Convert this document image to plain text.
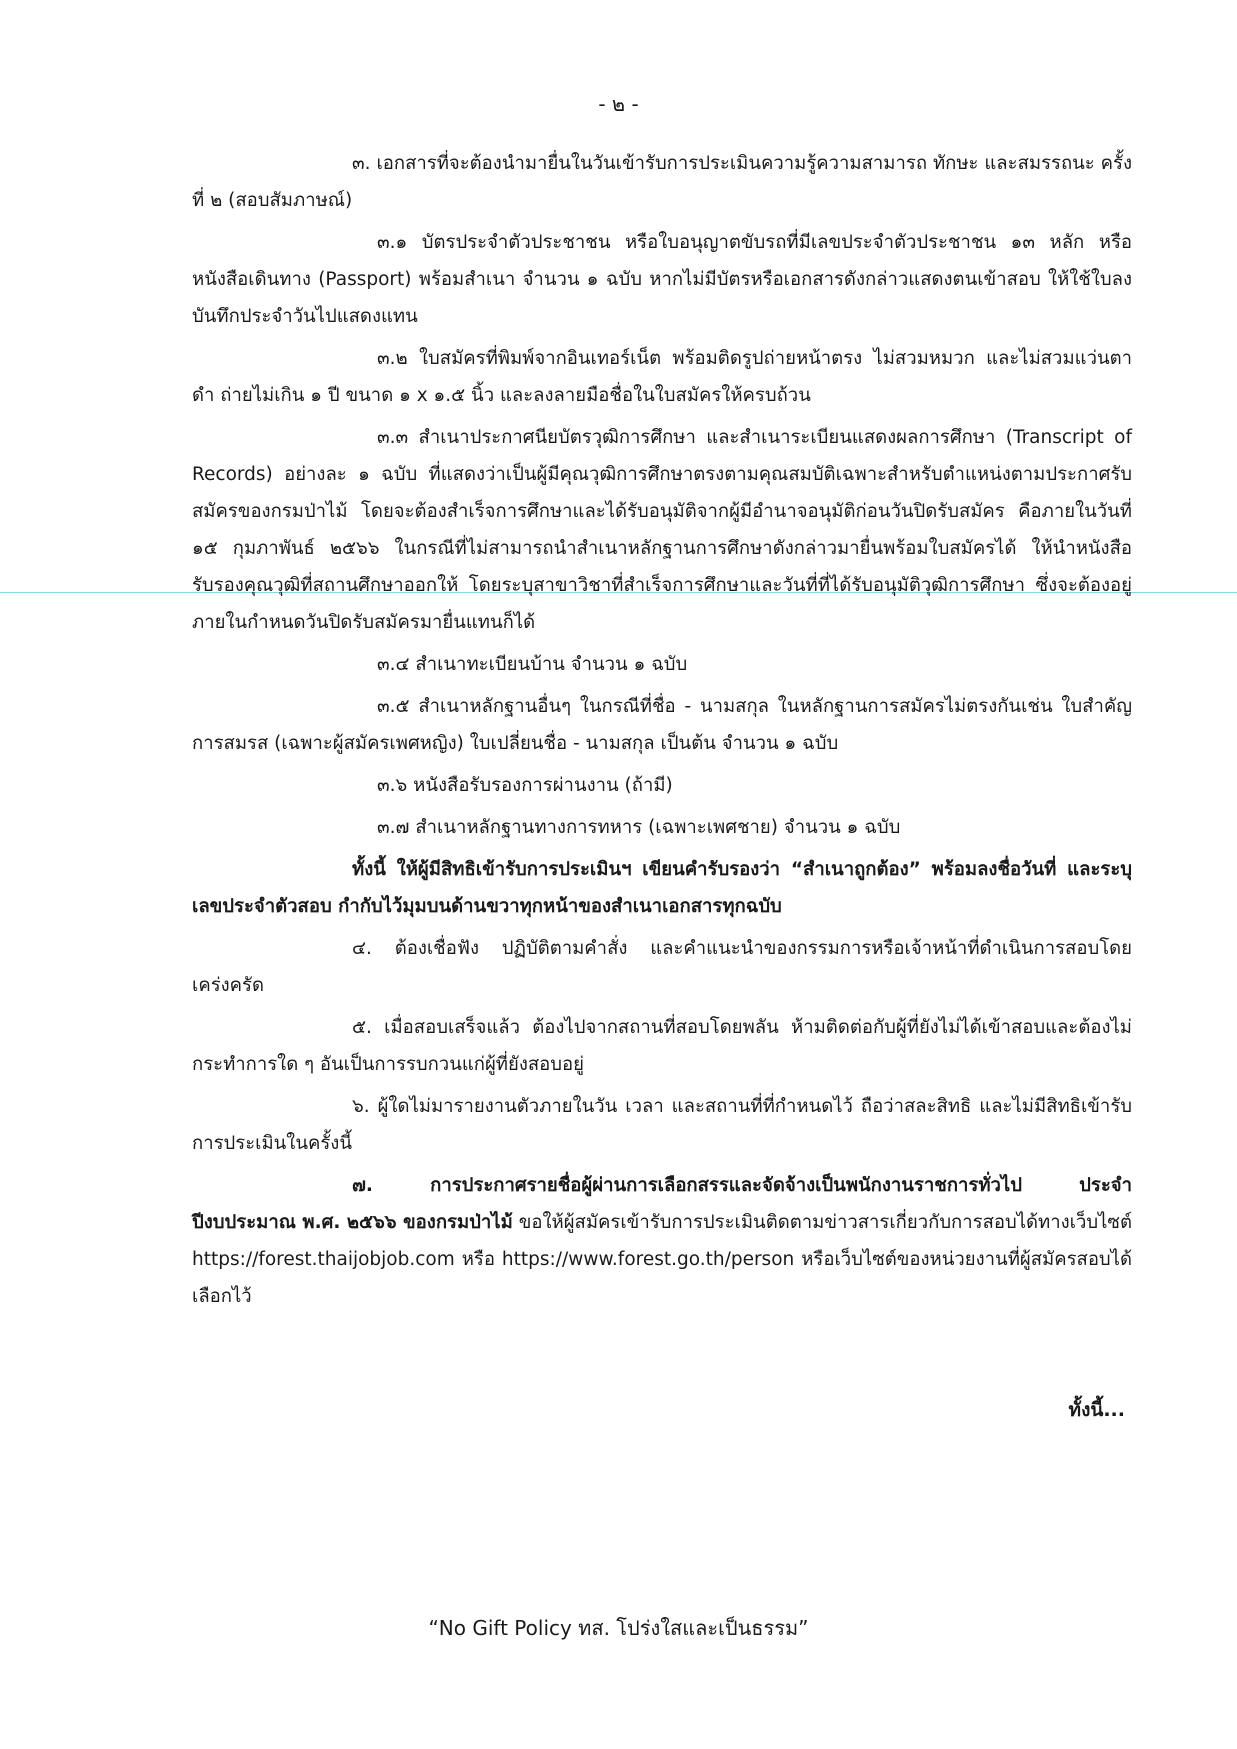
- ๒ -

๓. เอกสารที่จะต้องนำมายื่นในวันเข้ารับการประเมินความรู้ความสามารถ ทักษะ และสมรรถนะ ครั้งที่ ๒ (สอบสัมภาษณ์)

๓.๑ บัตรประจำตัวประชาชน หรือใบอนุญาตขับรถที่มีเลขประจำตัวประชาชน ๑๓ หลัก หรือหนังสือเดินทาง (Passport) พร้อมสำเนา จำนวน ๑ ฉบับ หากไม่มีบัตรหรือเอกสารดังกล่าวแสดงตนเข้าสอบ ให้ใช้ใบลงบันทึกประจำวันไปแสดงแทน

๓.๒ ใบสมัครที่พิมพ์จากอินเทอร์เน็ต พร้อมติดรูปถ่ายหน้าตรง ไม่สวมหมวก และไม่สวมแว่นตาดำ ถ่ายไม่เกิน ๑ ปี ขนาด ๑ x ๑.๕ นิ้ว และลงลายมือชื่อในใบสมัครให้ครบถ้วน

๓.๓ สำเนาประกาศนียบัตรวุฒิการศึกษา และสำเนาระเบียนแสดงผลการศึกษา (Transcript of Records) อย่างละ ๑ ฉบับ ที่แสดงว่าเป็นผู้มีคุณวุฒิการศึกษาตรงตามคุณสมบัติเฉพาะสำหรับตำแหน่งตามประกาศรับสมัครของกรมป่าไม้ โดยจะต้องสำเร็จการศึกษาและได้รับอนุมัติจากผู้มีอำนาจอนุมัติก่อนวันปิดรับสมัคร คือภายในวันที่ ๑๕ กุมภาพันธ์ ๒๕๖๖ ในกรณีที่ไม่สามารถนำสำเนาหลักฐานการศึกษาดังกล่าวมายื่นพร้อมใบสมัครได้ ให้นำหนังสือรับรองคุณวุฒิที่สถานศึกษาออกให้ โดยระบุสาขาวิชาที่สำเร็จการศึกษาและวันที่ที่ได้รับอนุมัติวุฒิการศึกษา ซึ่งจะต้องอยู่ภายในกำหนดวันปิดรับสมัครมายื่นแทนก็ได้

๓.๔ สำเนาทะเบียนบ้าน จำนวน ๑ ฉบับ

๓.๕ สำเนาหลักฐานอื่นๆ ในกรณีที่ชื่อ - นามสกุล ในหลักฐานการสมัครไม่ตรงกันเช่น ใบสำคัญการสมรส (เฉพาะผู้สมัครเพศหญิง) ใบเปลี่ยนชื่อ - นามสกุล เป็นต้น จำนวน ๑ ฉบับ

๓.๖ หนังสือรับรองการผ่านงาน (ถ้ามี)

๓.๗ สำเนาหลักฐานทางการทหาร (เฉพาะเพศชาย) จำนวน ๑ ฉบับ

ทั้งนี้ ให้ผู้มีสิทธิเข้ารับการประเมินฯ เขียนคำรับรองว่า “สำเนาถูกต้อง” พร้อมลงชื่อวันที่ และระบุเลขประจำตัวสอบ กำกับไว้มุมบนด้านขวาทุกหน้าของสำเนาเอกสารทุกฉบับ

๔. ต้องเชื่อฟัง ปฏิบัติตามคำสั่ง และคำแนะนำของกรรมการหรือเจ้าหน้าที่ดำเนินการสอบโดยเคร่งครัด

๕. เมื่อสอบเสร็จแล้ว ต้องไปจากสถานที่สอบโดยพลัน ห้ามติดต่อกับผู้ที่ยังไม่ได้เข้าสอบและต้องไม่กระทำการใด ๆ อันเป็นการรบกวนแก่ผู้ที่ยังสอบอยู่

๖. ผู้ใดไม่มารายงานตัวภายในวัน เวลา และสถานที่ที่กำหนดไว้ ถือว่าสละสิทธิ และไม่มีสิทธิเข้ารับการประเมินในครั้งนี้

๗. การประกาศรายชื่อผู้ผ่านการเลือกสรรและจัดจ้างเป็นพนักงานราชการทั่วไป ประจำปีงบประมาณ พ.ศ. ๒๕๖๖ ของกรมป่าไม้ ขอให้ผู้สมัครเข้ารับการประเมินติดตามข่าวสารเกี่ยวกับการสอบได้ทางเว็บไซต์ https://forest.thaijobjob.com หรือ https://www.forest.go.th/person หรือเว็บไซต์ของหน่วยงานที่ผู้สมัครสอบได้เลือกไว้

ทั้งนี้...
“No Gift Policy ทส. โปร่งใสและเป็นธรรม”
